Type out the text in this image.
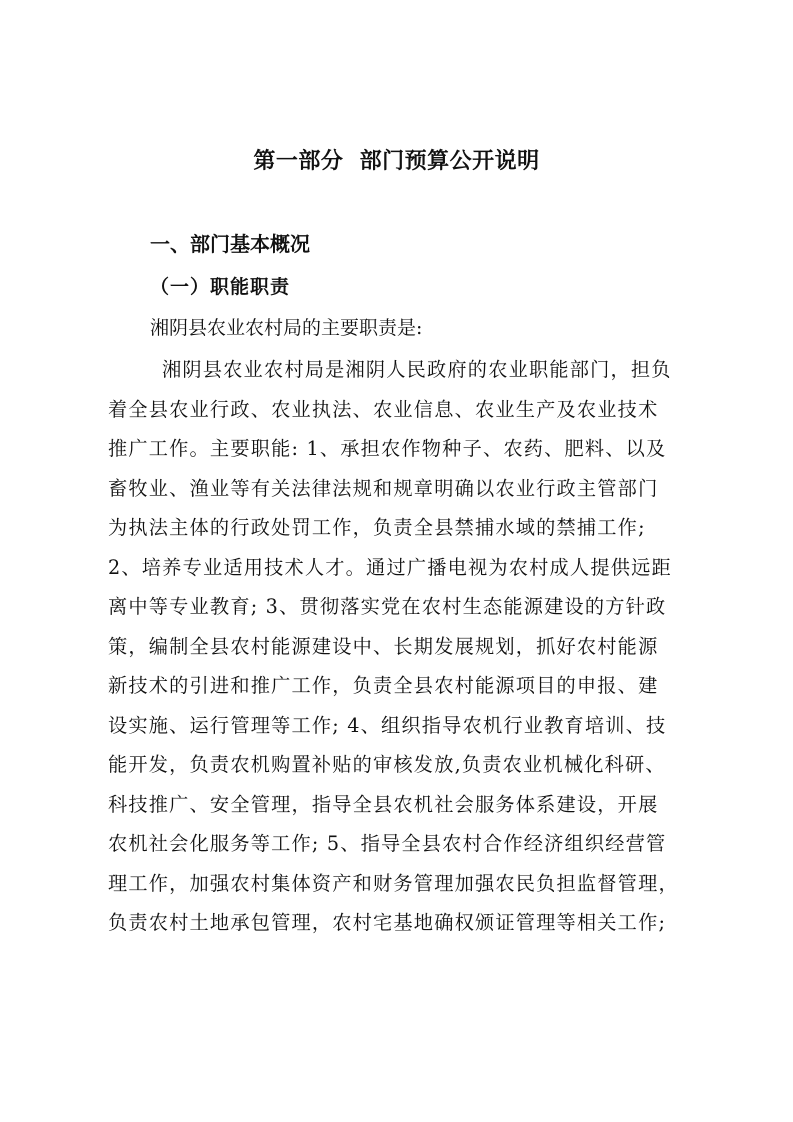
第一部分  部门预算公开说明
一、部门基本概况
（一）职能职责
湘阴县农业农村局的主要职责是:
湘阴县农业农村局是湘阴人民政府的农业职能部门，担负
着全县农业行政、农业执法、农业信息、农业生产及农业技术
推广工作。主要职能: 1、承担农作物种子、农药、肥料、以及
畜牧业、渔业等有关法律法规和规章明确以农业行政主管部门
为执法主体的行政处罚工作，负责全县禁捕水域的禁捕工作;
2、培养专业适用技术人才。通过广播电视为农村成人提供远距
离中等专业教育; 3、贯彻落实党在农村生态能源建设的方针政
策，编制全县农村能源建设中、长期发展规划，抓好农村能源
新技术的引进和推广工作，负责全县农村能源项目的申报、建
设实施、运行管理等工作; 4、组织指导农机行业教育培训、技
能开发，负责农机购置补贴的审核发放,负责农业机械化科研、
科技推广、安全管理，指导全县农机社会服务体系建设，开展
农机社会化服务等工作; 5、指导全县农村合作经济组织经营管
理工作，加强农村集体资产和财务管理加强农民负担监督管理，
负责农村土地承包管理，农村宅基地确权颁证管理等相关工作;
